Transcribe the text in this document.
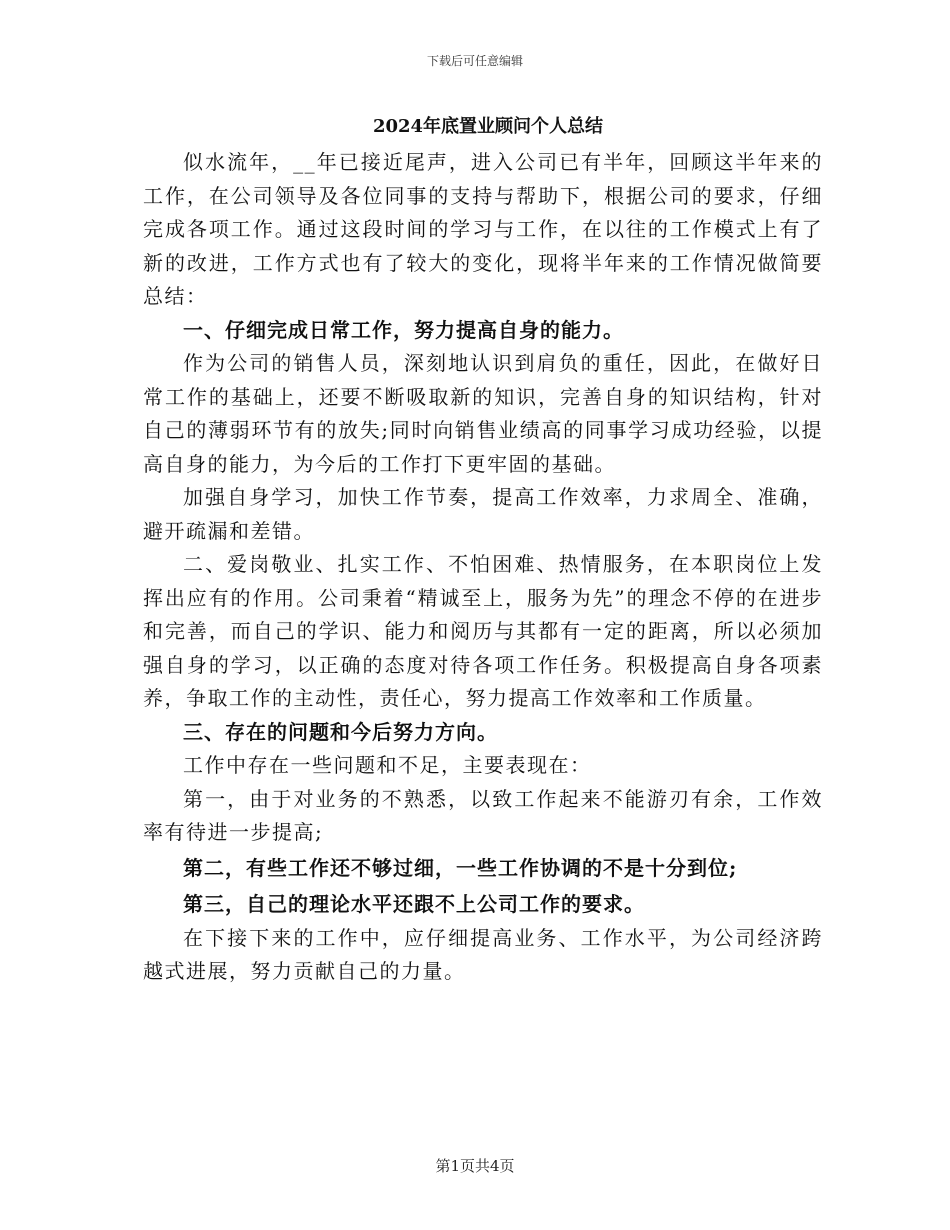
下载后可任意编辑
2024年底置业顾问个人总结

似水流年，__年已接近尾声，进入公司已有半年，回顾这半年来的工作，在公司领导及各位同事的支持与帮助下，根据公司的要求，仔细完成各项工作。通过这段时间的学习与工作，在以往的工作模式上有了新的改进，工作方式也有了较大的变化，现将半年来的工作情况做简要总结：

一、仔细完成日常工作，努力提高自身的能力。

作为公司的销售人员，深刻地认识到肩负的重任，因此，在做好日常工作的基础上，还要不断吸取新的知识，完善自身的知识结构，针对自己的薄弱环节有的放失;同时向销售业绩高的同事学习成功经验，以提高自身的能力，为今后的工作打下更牢固的基础。

加强自身学习，加快工作节奏，提高工作效率，力求周全、准确，避开疏漏和差错。

二、爱岗敬业、扎实工作、不怕困难、热情服务，在本职岗位上发挥出应有的作用。公司秉着“精诚至上，服务为先”的理念不停的在进步和完善，而自己的学识、能力和阅历与其都有一定的距离，所以必须加强自身的学习，以正确的态度对待各项工作任务。积极提高自身各项素养，争取工作的主动性，责任心，努力提高工作效率和工作质量。

三、存在的问题和今后努力方向。

工作中存在一些问题和不足，主要表现在：

第一，由于对业务的不熟悉，以致工作起来不能游刃有余，工作效率有待进一步提高;

第二，有些工作还不够过细，一些工作协调的不是十分到位;

第三，自己的理论水平还跟不上公司工作的要求。

在下接下来的工作中，应仔细提高业务、工作水平，为公司经济跨越式进展，努力贡献自己的力量。

第1页共4页
